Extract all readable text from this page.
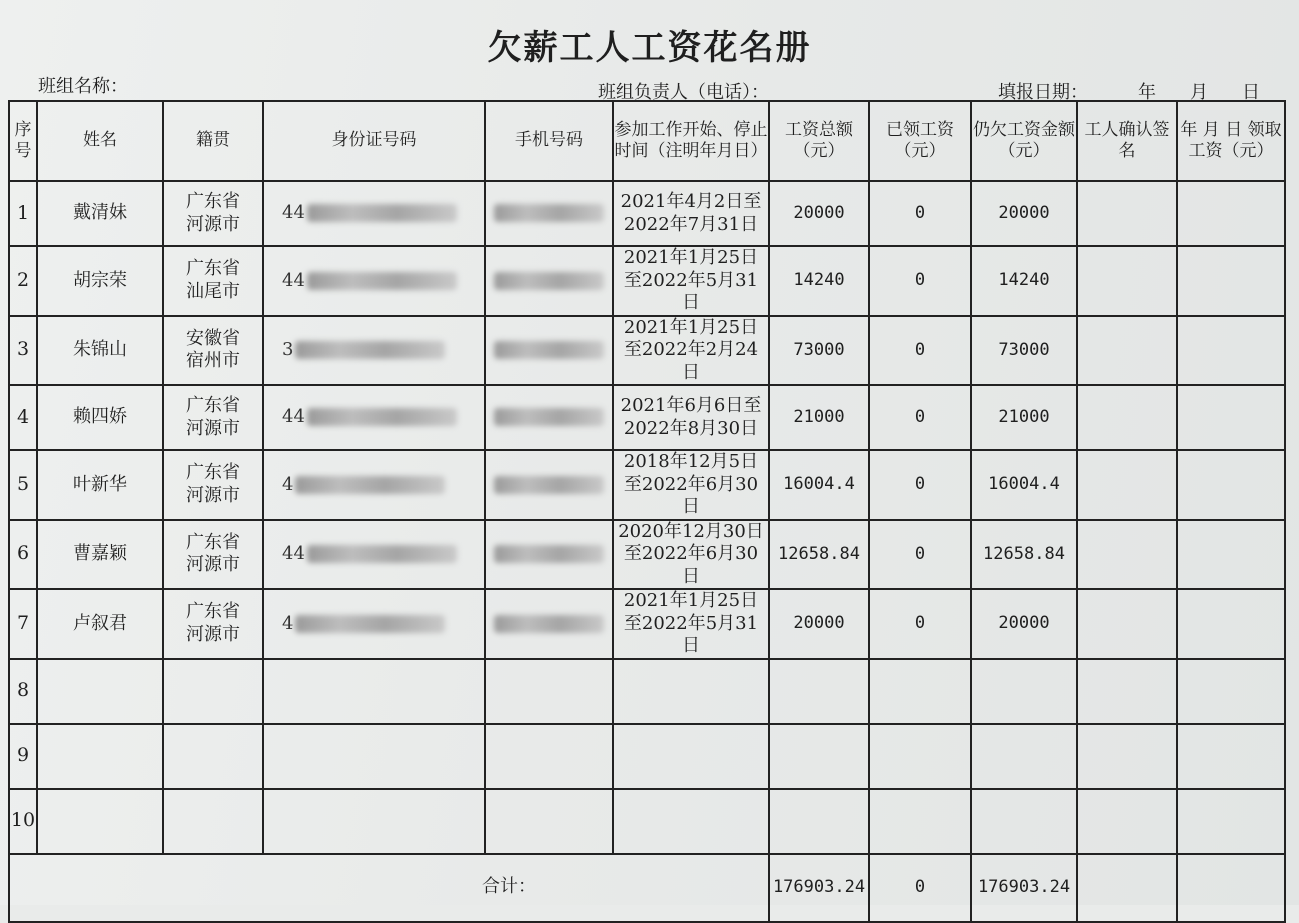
欠薪工人工资花名册
班组名称：	班组负责人（电话）：	填报日期：	年 月 日
序号	姓名	籍贯	身份证号码	手机号码	参加工作开始、停止时间（注明年月日）	工资总额（元）	已领工资（元）	仍欠工资金额（元）	工人确认签名	年 月 日 领取工资（元）
1	戴清妹	广东省河源市	44		2021年4月2日至2022年7月31日	20000	0	20000		
2	胡宗荣	广东省汕尾市	44		2021年1月25日至2022年5月31日	14240	0	14240		
3	朱锦山	安徽省宿州市	3		2021年1月25日至2022年2月24日	73000	0	73000		
4	赖四娇	广东省河源市	44		2021年6月6日至2022年8月30日	21000	0	21000		
5	叶新华	广东省河源市	4		2018年12月5日至2022年6月30日	16004.4	0	16004.4		
6	曹嘉颖	广东省河源市	44		2020年12月30日至2022年6月30日	12658.84	0	12658.84		
7	卢叙君	广东省河源市	4		2021年1月25日至2022年5月31日	20000	0	20000		
8										
9										
10										
合计：						176903.24	0	176903.24		
